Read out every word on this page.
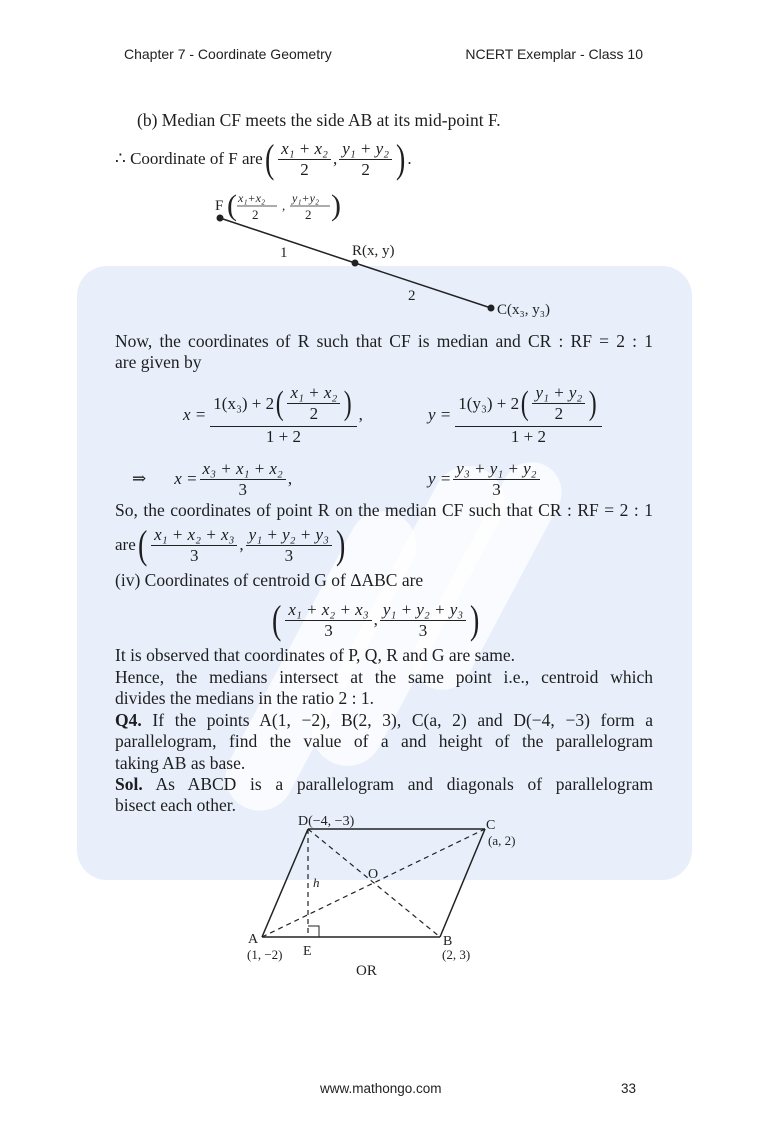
Chapter 7 - Coordinate Geometry	NCERT Exemplar - Class 10
(b) Median CF meets the side AB at its mid-point F.
∴ Coordinate of F are ( $\frac{\text{x₁ + x₂}}{2}$ , $\frac{\text{y₁ + y₂}}{2}$ ) .
F ( x₁+x₂
2
, y₁+y₂
2 )
1	R(x, y)
2
C(x₃, y₃)
Now, the coordinates of R such that CF is median and CR : RF = 2 : 1
are given by
$x = \frac{1(x_3) + 2 ( \frac{\text{x₁ + x₂}}{2} )}{1 + 2}$ ,	$y = \frac{1(y_3) + 2 ( \frac{\text{y₁ + y₂}}{2} )}{1 + 2}$
⇒ $x = \frac{\text{x₃ + x₁ + x₂}}{3}$ ,	$y = \frac{\text{y₃ + y₁ + y₂}}{3}$
So, the coordinates of point R on the median CF such that CR : RF = 2 : 1
are ( $\frac{\text{x₁ + x₂ + x₃}}{3}$ , $\frac{\text{y₁ + y₂ + y₃}}{3}$ )
(iv) Coordinates of centroid G of ΔABC are
( $\frac{\text{x₁ + x₂ + x₃}}{3}$ , $\frac{\text{y₁ + y₂ + y₃}}{3}$ )
It is observed that coordinates of P, Q, R and G are same.
Hence, the medians intersect at the same point i.e., centroid which
divides the medians in the ratio 2 : 1.
Q4. If the points A(1, −2), B(2, 3), C(a, 2) and D(−4, −3) form a
parallelogram, find the value of a and height of the parallelogram
taking AB as base.
Sol. As ABCD is a parallelogram and diagonals of parallelogram
bisect each other.
D(−4, −3)	C
(a, 2)
O
h
A
(1, −2) E
B
(2, 3)
OR
www.mathongo.com	33
